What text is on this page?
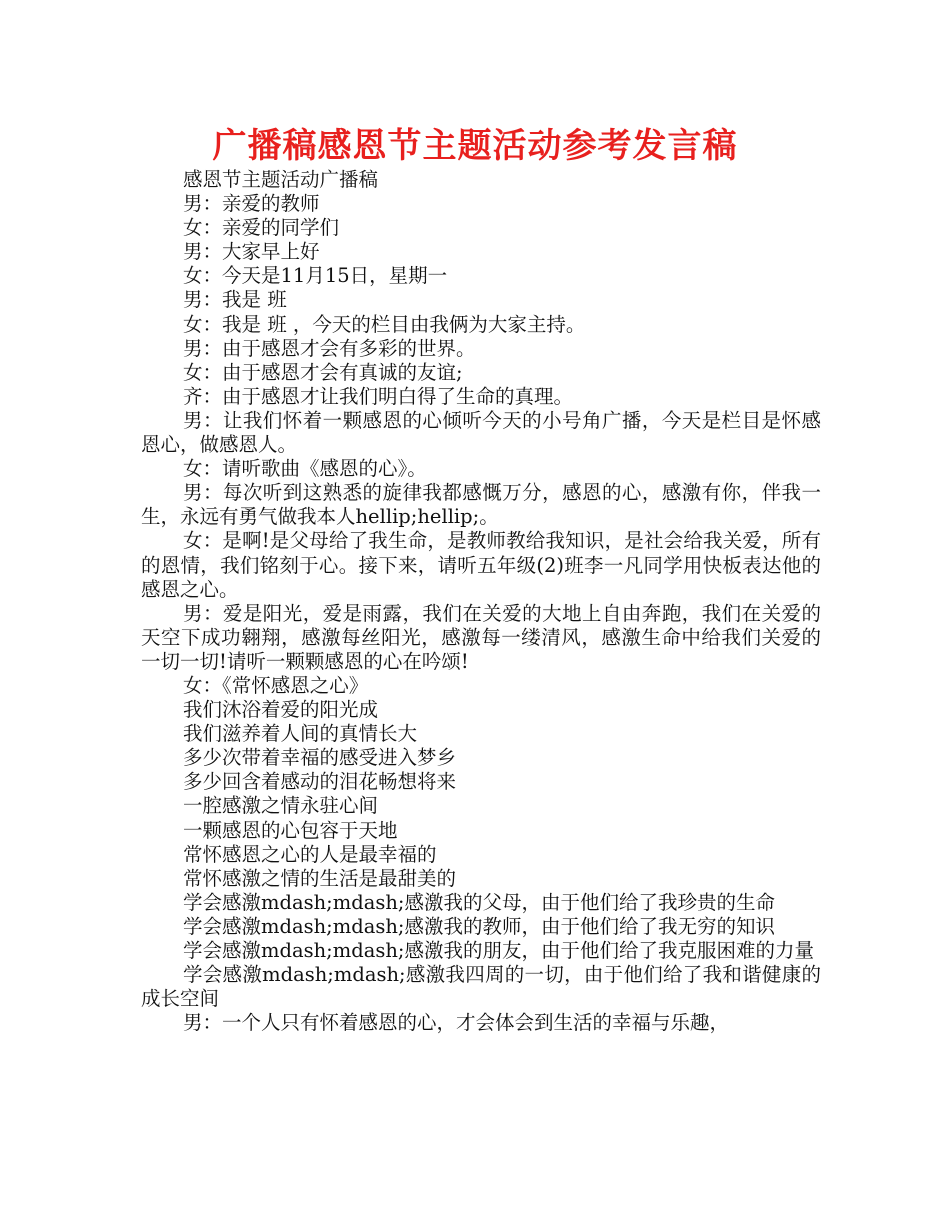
广播稿感恩节主题活动参考发言稿

感恩节主题活动广播稿

男：亲爱的教师

女：亲爱的同学们

男：大家早上好

女：今天是11月15日，星期一

男：我是 班

女：我是 班 ，今天的栏目由我俩为大家主持。

男：由于感恩才会有多彩的世界。

女：由于感恩才会有真诚的友谊;

齐：由于感恩才让我们明白得了生命的真理。

男：让我们怀着一颗感恩的心倾听今天的小号角广播，今天是栏目是怀感恩心，做感恩人。

女：请听歌曲《感恩的心》。

男：每次听到这熟悉的旋律我都感慨万分，感恩的心，感激有你，伴我一生，永远有勇气做我本人hellip;hellip;。

女：是啊!是父母给了我生命，是教师教给我知识，是社会给我关爱，所有的恩情，我们铭刻于心。接下来，请听五年级(2)班李一凡同学用快板表达他的感恩之心。

男：爱是阳光，爱是雨露，我们在关爱的大地上自由奔跑，我们在关爱的天空下成功翱翔，感激每丝阳光，感激每一缕清风，感激生命中给我们关爱的一切一切!请听一颗颗感恩的心在吟颂!

女：《常怀感恩之心》

我们沐浴着爱的阳光成

我们滋养着人间的真情长大

多少次带着幸福的感受进入梦乡

多少回含着感动的泪花畅想将来

一腔感激之情永驻心间

一颗感恩的心包容于天地

常怀感恩之心的人是最幸福的

常怀感激之情的生活是最甜美的

学会感激mdash;mdash;感激我的父母，由于他们给了我珍贵的生命

学会感激mdash;mdash;感激我的教师，由于他们给了我无穷的知识

学会感激mdash;mdash;感激我的朋友，由于他们给了我克服困难的力量

学会感激mdash;mdash;感激我四周的一切，由于他们给了我和谐健康的成长空间

男：一个人只有怀着感恩的心，才会体会到生活的幸福与乐趣，
